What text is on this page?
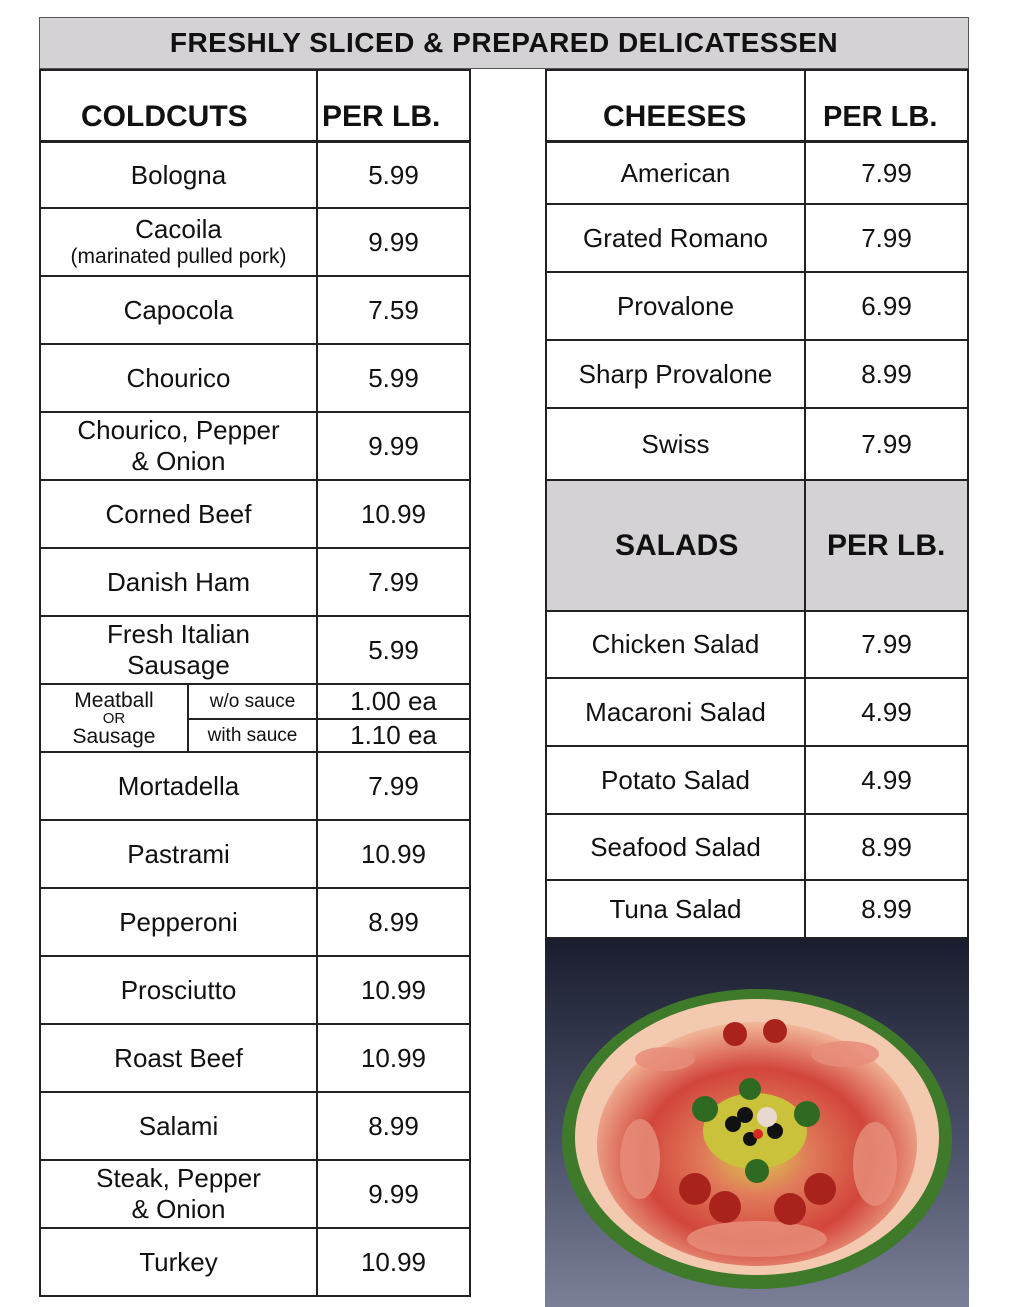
FRESHLY SLICED & PREPARED DELICATESSEN
COLDCUTS PER LB.
Bologna	5.99
Cacoila
(marinated pulled pork)	9.99
Capocola	7.59
Chourico	5.99
Chourico, Pepper
& Onion
9.99
Corned Beef	10.99
Danish Ham	7.99
Fresh Italian
Sausage
5.99
Meatball
OR
Sausage
w/o sauce	1.00 ea
with sauce	1.10 ea
Mortadella	7.99
Pastrami	10.99
Pepperoni	8.99
Prosciutto	10.99
Roast Beef	10.99
Salami	8.99
Steak, Pepper
& Onion
9.99
Turkey	10.99
CHEESES	PER LB.
American	7.99
Grated Romano	7.99
Provalone	6.99
Sharp Provalone	8.99
Swiss	7.99
SALADS	PER LB.
Chicken Salad	7.99
Macaroni Salad	4.99
Potato Salad	4.99
Seafood Salad	8.99
Tuna Salad	8.99
